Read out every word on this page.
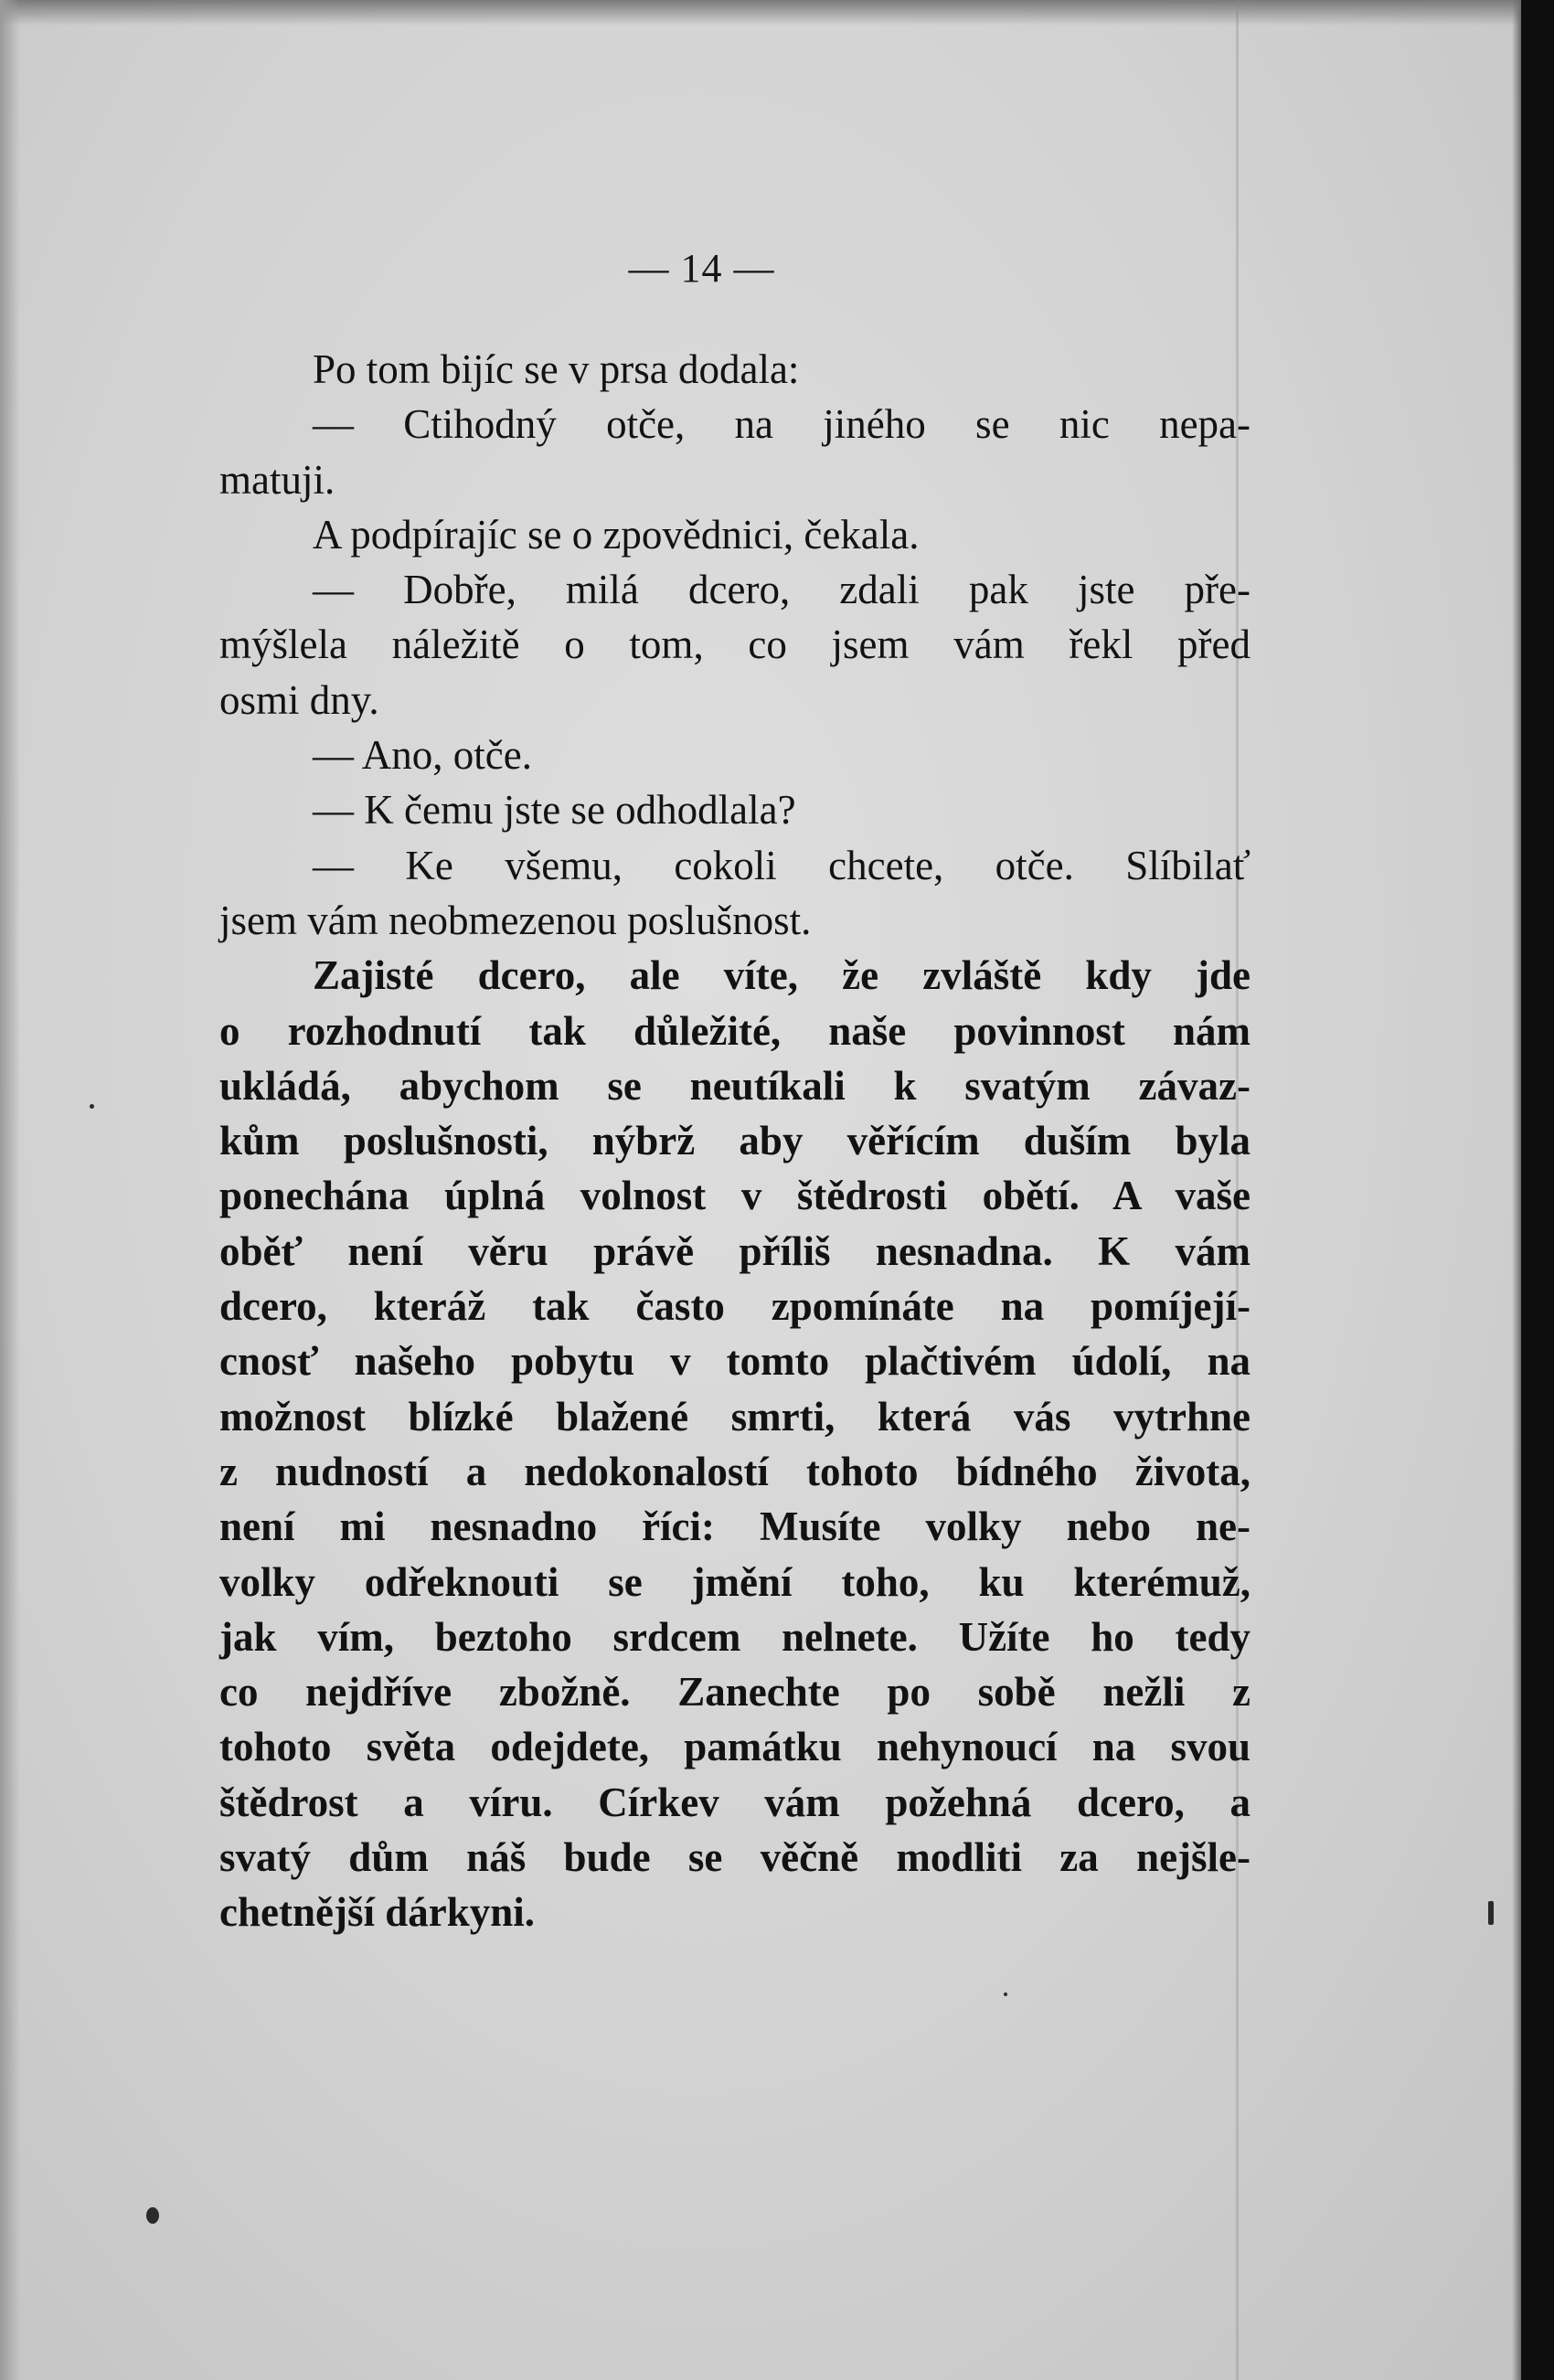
— 14 —
Po tom bijíc se v prsa dodala:
— Ctihodný otče, na jiného se nic nepa-
matuji.
A podpírajíc se o zpovědnici, čekala.
— Dobře, milá dcero, zdali pak jste pře-
mýšlela náležitě o tom, co jsem vám řekl před
osmi dny.
— Ano, otče.
— K čemu jste se odhodlala?
— Ke všemu, cokoli chcete, otče. Slíbilať
jsem vám neobmezenou poslušnost.
Zajisté dcero, ale víte, že zvláště kdy jde
o rozhodnutí tak důležité, naše povinnost nám
ukládá, abychom se neutíkali k svatým závaz-
kům poslušnosti, nýbrž aby věřícím duším byla
ponechána úplná volnost v štědrosti obětí. A vaše
oběť není věru právě příliš nesnadna. K vám
dcero, kteráž tak často zpomínáte na pomíjejí-
cnosť našeho pobytu v tomto plačtivém údolí, na
možnost blízké blažené smrti, která vás vytrhne
z nudností a nedokonalostí tohoto bídného života,
není mi nesnadno říci: Musíte volky nebo ne-
volky odřeknouti se jmění toho, ku kterémuž,
jak vím, beztoho srdcem nelnete. Užíte ho tedy
co nejdříve zbožně. Zanechte po sobě nežli z
tohoto světa odejdete, památku nehynoucí na svou
štědrost a víru. Církev vám požehná dcero, a
svatý dům náš bude se věčně modliti za nejšle-
chetnější dárkyni.
